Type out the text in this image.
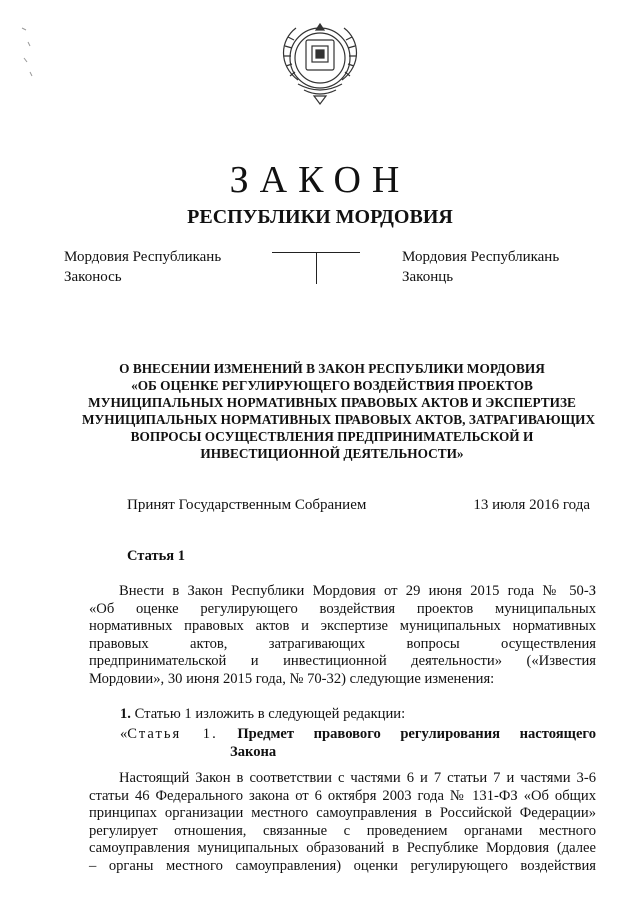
ЗАКОН
РЕСПУБЛИКИ МОРДОВИЯ
Мордовия Республикань
Законось
Мордовия Республикань
Законць
О ВНЕСЕНИИ ИЗМЕНЕНИЙ В ЗАКОН РЕСПУБЛИКИ МОРДОВИЯ
«ОБ ОЦЕНКЕ РЕГУЛИРУЮЩЕГО ВОЗДЕЙСТВИЯ ПРОЕКТОВ
МУНИЦИПАЛЬНЫХ НОРМАТИВНЫХ ПРАВОВЫХ АКТОВ И ЭКСПЕРТИЗЕ
МУНИЦИПАЛЬНЫХ НОРМАТИВНЫХ ПРАВОВЫХ АКТОВ, ЗАТРАГИВАЮЩИХ
ВОПРОСЫ ОСУЩЕСТВЛЕНИЯ ПРЕДПРИНИМАТЕЛЬСКОЙ И
ИНВЕСТИЦИОННОЙ ДЕЯТЕЛЬНОСТИ»
Принят Государственным Собранием	13 июля 2016 года
Статья 1
Внести в Закон Республики Мордовия от 29 июня 2015 года № 50-З
«Об оценке регулирующего воздействия проектов муниципальных
нормативных правовых актов и экспертизе муниципальных нормативных
правовых актов, затрагивающих вопросы осуществления
предпринимательской и инвестиционной деятельности» («Известия
Мордовии», 30 июня 2015 года, № 70-32) следующие изменения:
1. Статью 1 изложить в следующей редакции:
«Статья 1. Предмет правового регулирования настоящего
Закона
Настоящий Закон в соответствии с частями 6 и 7 статьи 7 и частями 3-6
статьи 46 Федерального закона от 6 октября 2003 года № 131-ФЗ «Об общих
принципах организации местного самоуправления в Российской Федерации»
регулирует отношения, связанные с проведением органами местного
самоуправления муниципальных образований в Республике Мордовия (далее
– органы местного самоуправления) оценки регулирующего воздействия
